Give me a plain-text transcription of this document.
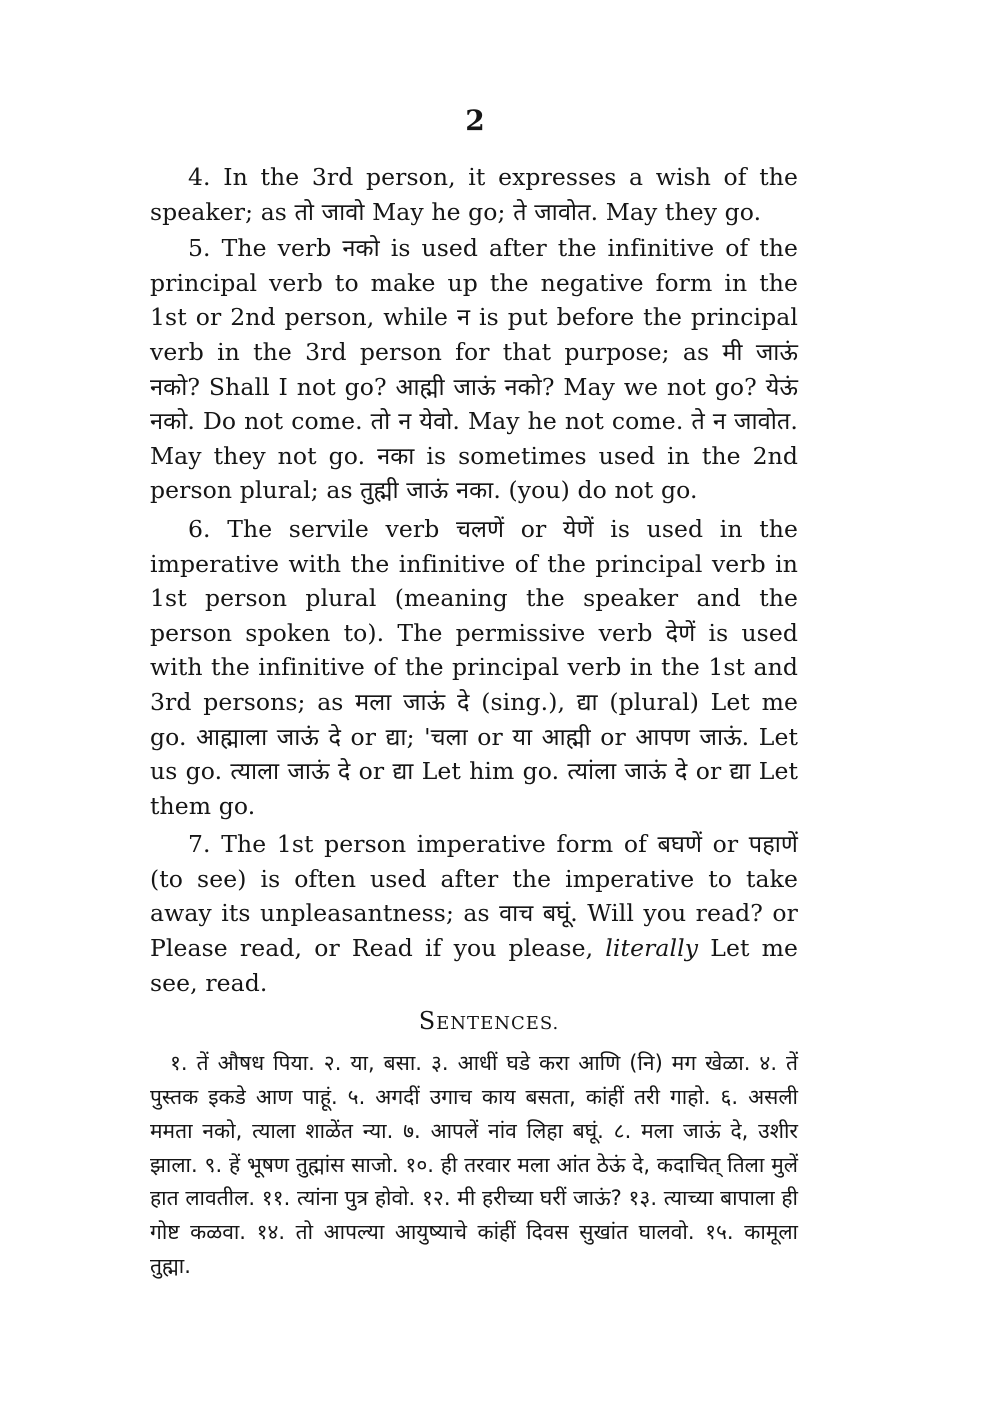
2

4. In the 3rd person, it expresses a wish of the speaker; as तो जावो May he go; ते जावोत. May they go.

5. The verb नको is used after the infinitive of the principal verb to make up the negative form in the 1st or 2nd person, while न is put before the principal verb in the 3rd person for that purpose; as मी जाऊं नको? Shall I not go? आह्मी जाऊं नको? May we not go? येऊं नको. Do not come. तो न येवो. May he not come. ते न जावोत. May they not go. नका is sometimes used in the 2nd person plural; as तुह्मी जाऊं नका. (you) do not go.

6. The servile verb चलणें or येणें is used in the imperative with the infinitive of the principal verb in 1st person plural (meaning the speaker and the person spoken to). The permissive verb देणें is used with the infinitive of the principal verb in the 1st and 3rd persons; as मला जाऊं दे (sing.), द्या (plural) Let me go. आह्माला जाऊं दे or द्या; 'चला or या आह्मी or आपण जाऊं. Let us go. त्याला जाऊं दे or द्या Let him go. त्यांला जाऊं दे or द्या Let them go.

7. The 1st person imperative form of बघणें or पहाणें (to see) is often used after the imperative to take away its unpleasantness; as वाच बघूं. Will you read? or Please read, or Read if you please, literally Let me see, read.

SENTENCES.

१. तें औषध पिया. २. या, बसा. ३. आधीं घडे करा आणि (नि) मग खेळा. ४. तें पुस्तक इकडे आण पाहूं. ५. अगदीं उगाच काय बसता, कांहीं तरी गाहो. ६. असली ममता नको, त्याला शाळेंत न्या. ७. आपलें नांव लिहा बघूं. ८. मला जाऊं दे, उशीर झाला. ९. हें भूषण तुह्मांस साजो. १०. ही तरवार मला आंत ठेऊं दे, कदाचित् तिला मुलें हात लावतील. ११. त्यांना पुत्र होवो. १२. मी हरीच्या घरीं जाऊं? १३. त्याच्या बापाला ही गोष्ट कळवा. १४. तो आपल्या आयुष्याचे कांहीं दिवस सुखांत घालवो. १५. कामूला तुह्मा.
